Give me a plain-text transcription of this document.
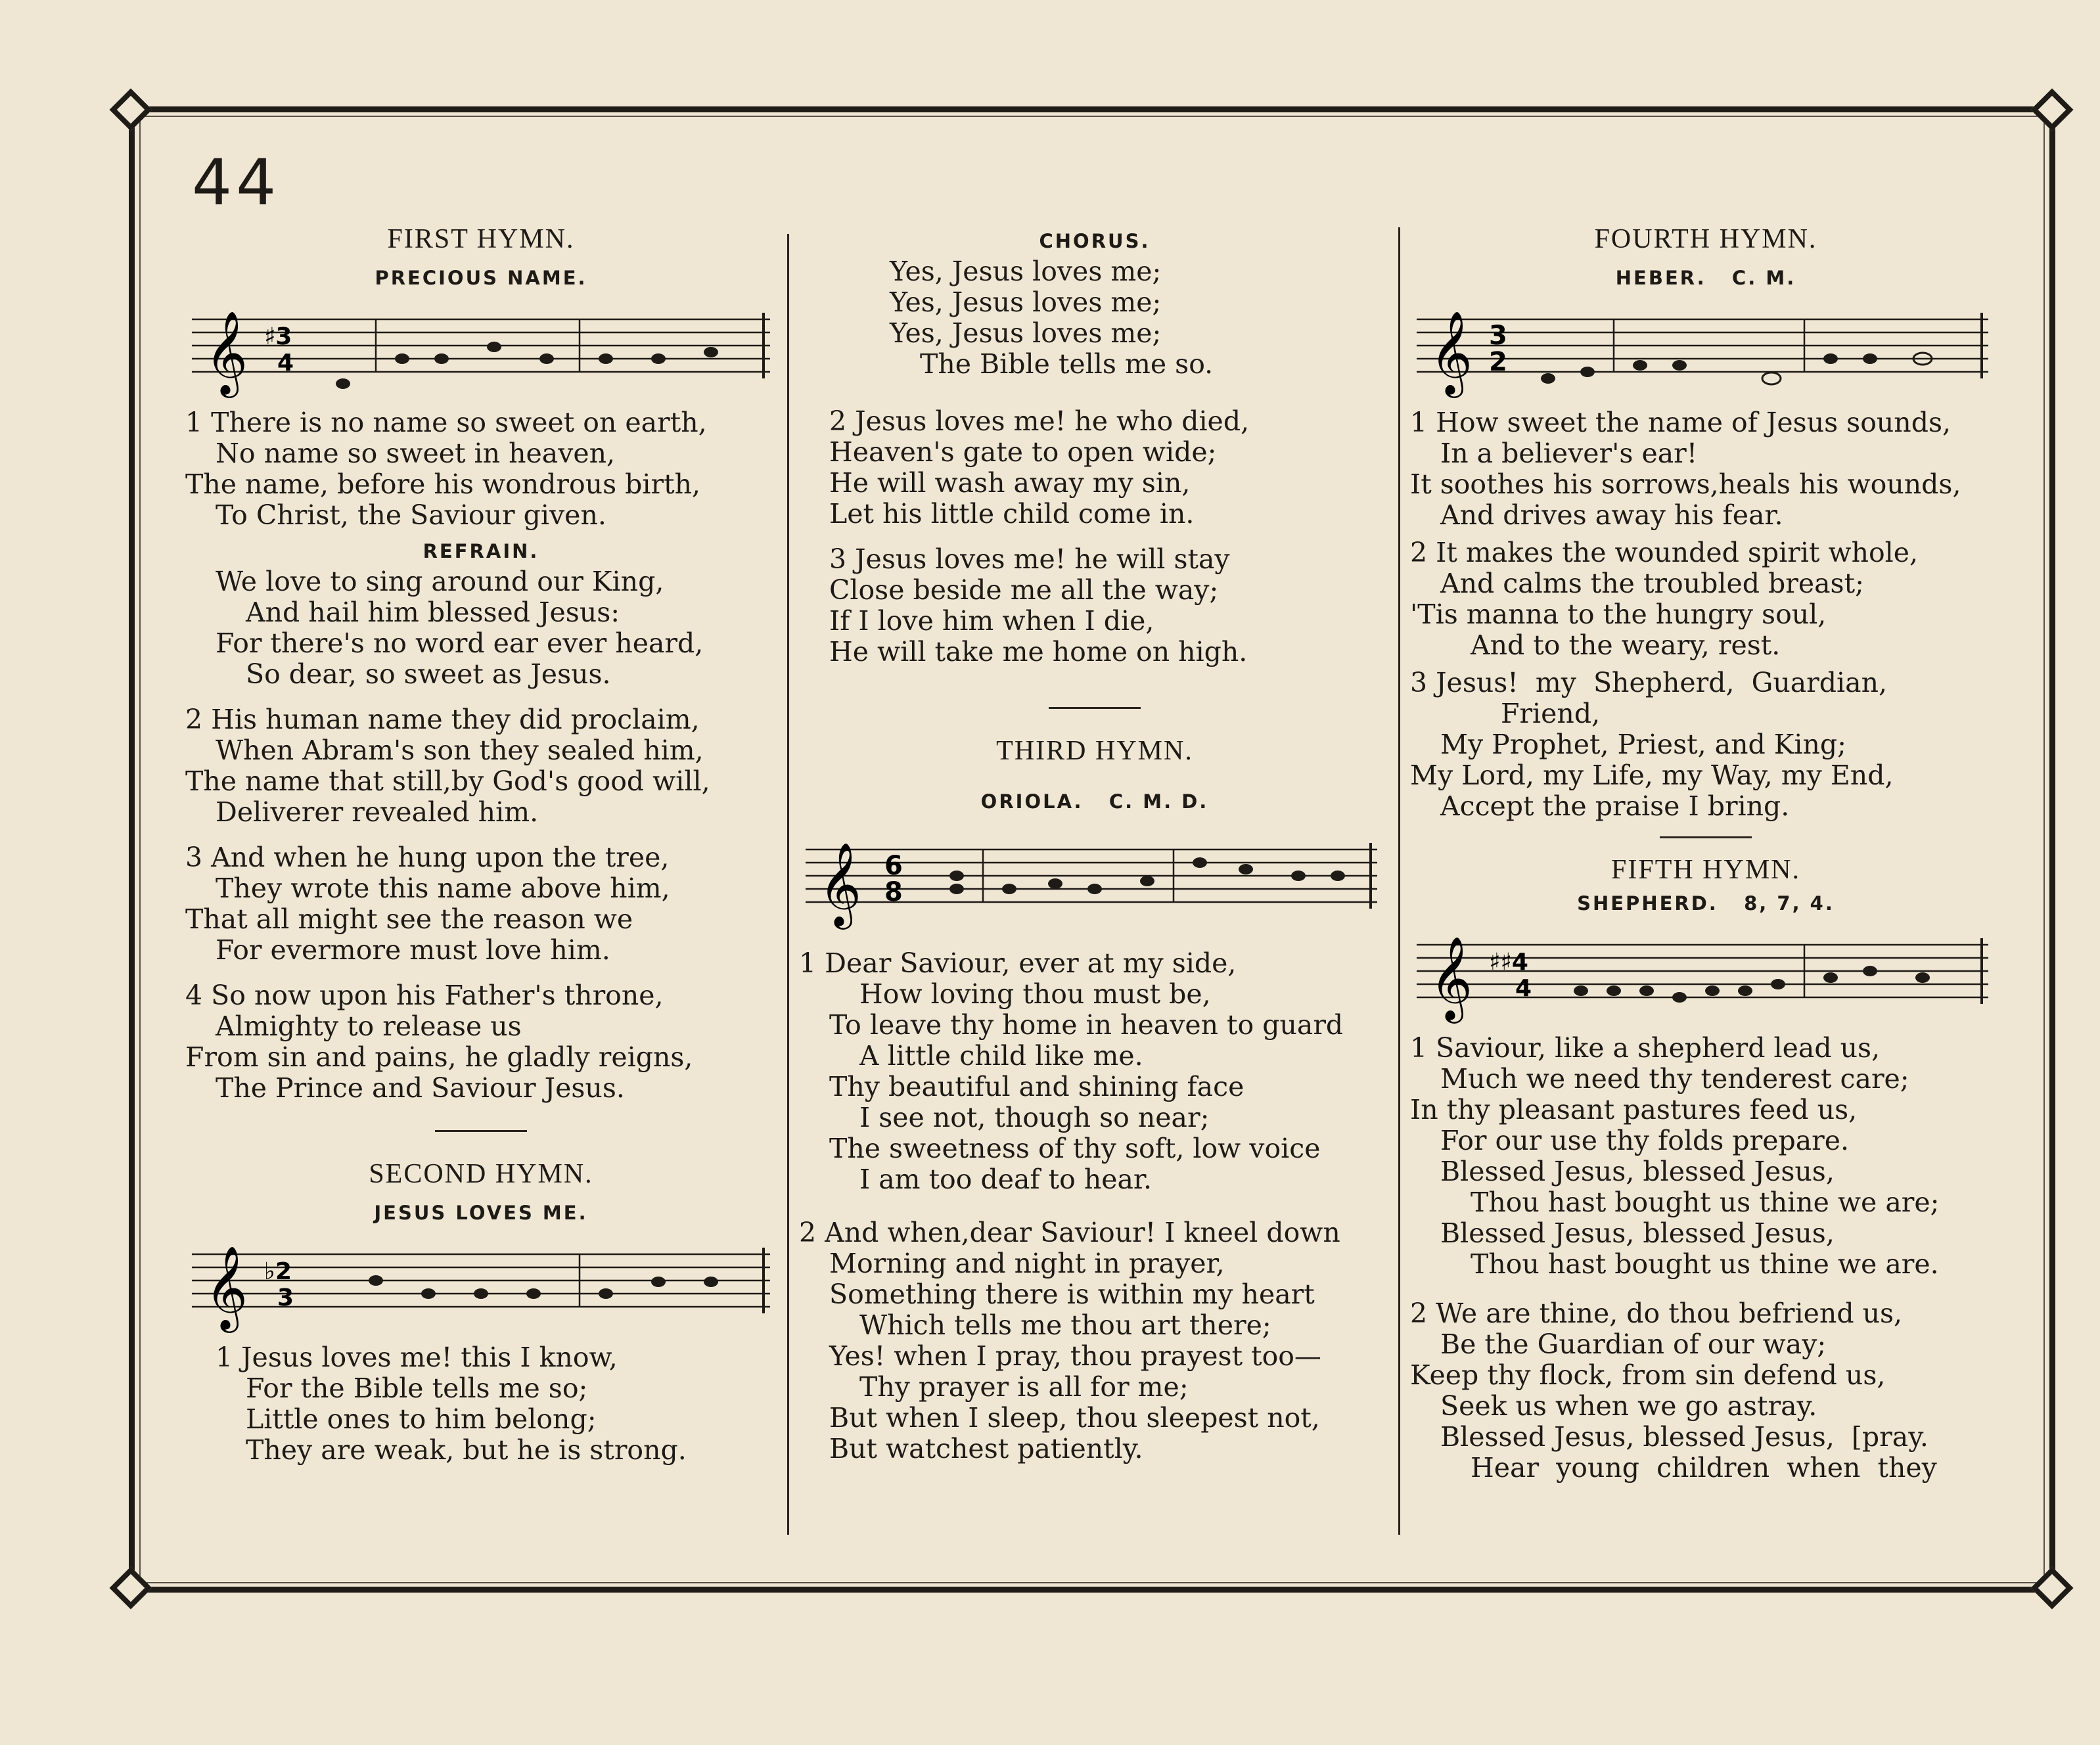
44
FIRST HYMN.
PRECIOUS NAME.
𝄞 ♯3
4
1 There is no name so sweet on earth,
No name so sweet in heaven,
The name, before his wondrous birth,
To Christ, the Saviour given.
REFRAIN.
We love to sing around our King,
And hail him blessed Jesus:
For there's no word ear ever heard,
So dear, so sweet as Jesus.
2 His human name they did proclaim,
When Abram's son they sealed him,
The name that still,by God's good will,
Deliverer revealed him.
3 And when he hung upon the tree,
They wrote this name above him,
That all might see the reason we
For evermore must love him.
4 So now upon his Father's throne,
Almighty to release us
From sin and pains, he gladly reigns,
The Prince and Saviour Jesus.
SECOND HYMN.
JESUS LOVES ME.
𝄞 ♭2
3
1 Jesus loves me! this I know,
For the Bible tells me so;
Little ones to him belong;
They are weak, but he is strong.
CHORUS.
Yes, Jesus loves me;
Yes, Jesus loves me;
Yes, Jesus loves me;
The Bible tells me so.
2 Jesus loves me! he who died,
Heaven's gate to open wide;
He will wash away my sin,
Let his little child come in.
3 Jesus loves me! he will stay
Close beside me all the way;
If I love him when I die,
He will take me home on high.
THIRD HYMN.
ORIOLA.   C. M. D.
𝄞 6
8
1 Dear Saviour, ever at my side,
How loving thou must be,
To leave thy home in heaven to guard
A little child like me.
Thy beautiful and shining face
I see not, though so near;
The sweetness of thy soft, low voice
I am too deaf to hear.
2 And when,dear Saviour! I kneel down
Morning and night in prayer,
Something there is within my heart
Which tells me thou art there;
Yes! when I pray, thou prayest too—
Thy prayer is all for me;
But when I sleep, thou sleepest not,
But watchest patiently.
FOURTH HYMN.
HEBER.   C. M.
𝄞 3
2
1 How sweet the name of Jesus sounds,
In a believer's ear!
It soothes his sorrows,heals his wounds,
And drives away his fear.
2 It makes the wounded spirit whole,
And calms the troubled breast;
'Tis manna to the hungry soul,
And to the weary, rest.
3 Jesus!  my  Shepherd,  Guardian,
Friend,
My Prophet, Priest, and King;
My Lord, my Life, my Way, my End,
Accept the praise I bring.
FIFTH HYMN.
SHEPHERD.   8, 7, 4.
𝄞 ♯♯4
4
1 Saviour, like a shepherd lead us,
Much we need thy tenderest care;
In thy pleasant pastures feed us,
For our use thy folds prepare.
Blessed Jesus, blessed Jesus,
Thou hast bought us thine we are;
Blessed Jesus, blessed Jesus,
Thou hast bought us thine we are.
2 We are thine, do thou befriend us,
Be the Guardian of our way;
Keep thy flock, from sin defend us,
Seek us when we go astray.
Blessed Jesus, blessed Jesus,  [pray.
Hear  young  children  when  they
